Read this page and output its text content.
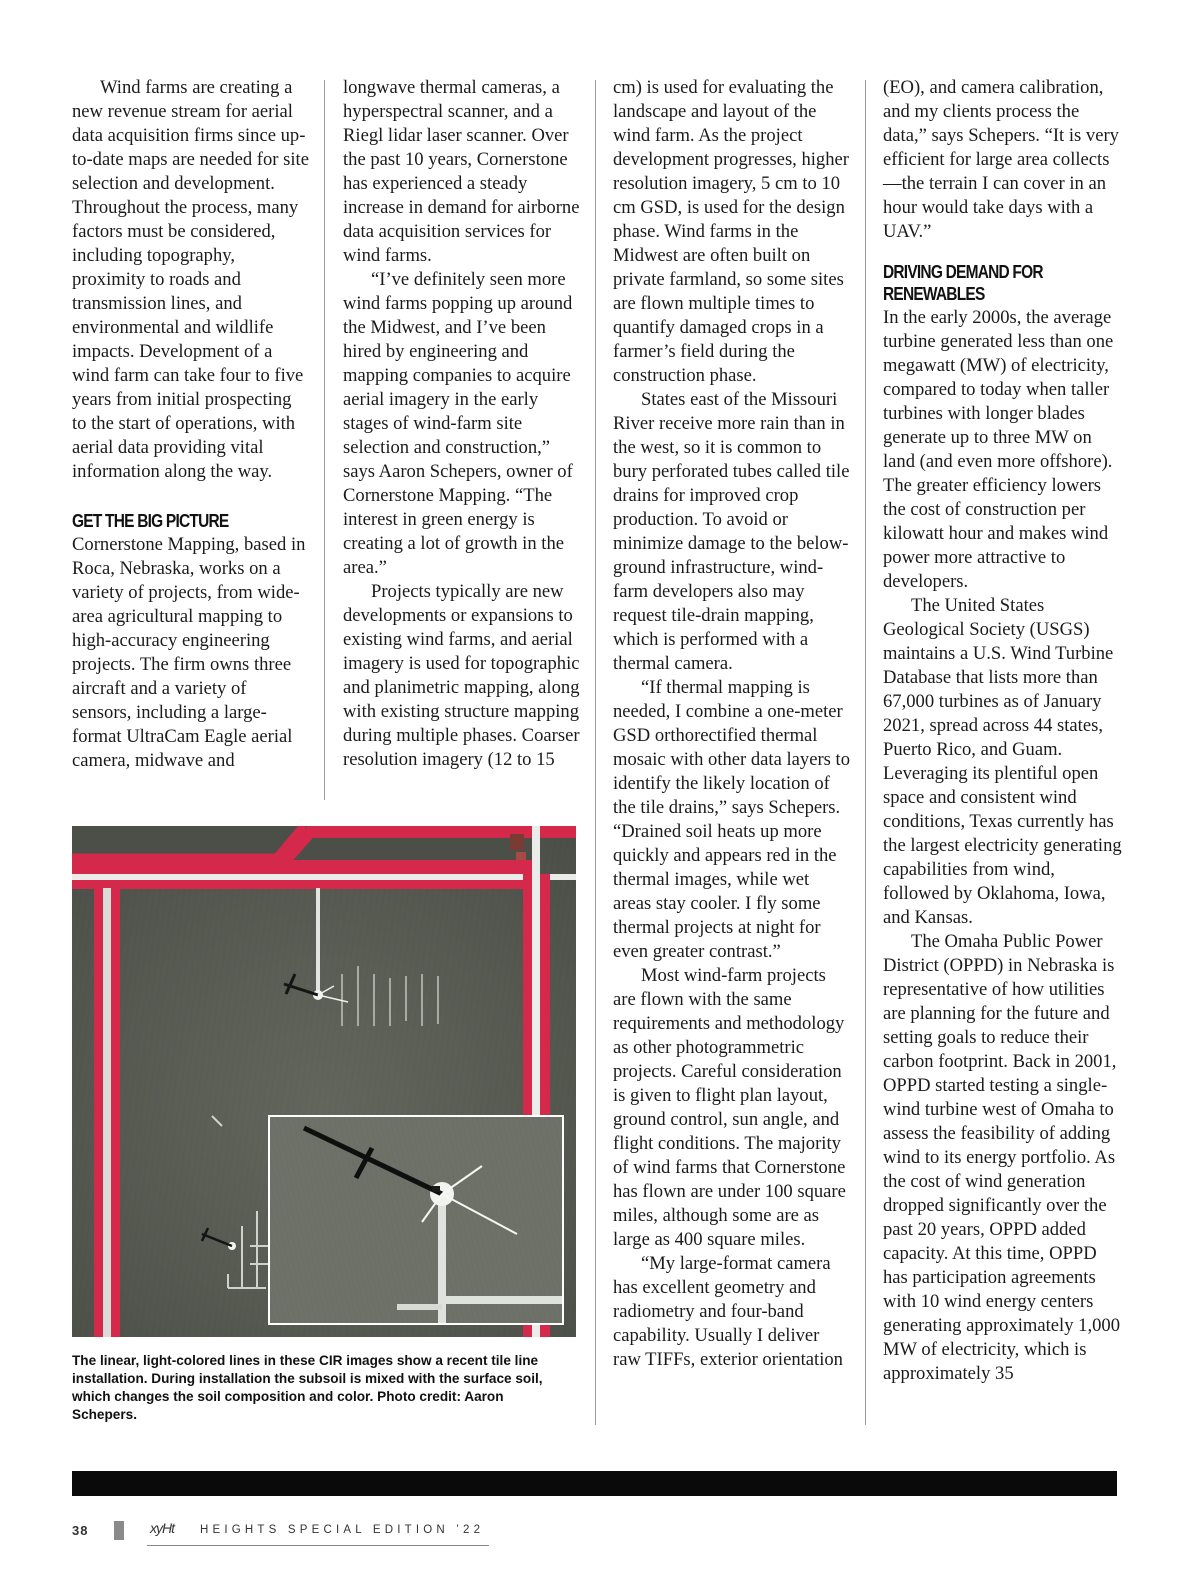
Wind farms are creating a new revenue stream for aerial data acquisition firms since up-to-date maps are needed for site selection and development. Throughout the process, many factors must be considered, including topography, proximity to roads and transmission lines, and environmental and wildlife impacts. Development of a wind farm can take four to five years from initial prospecting to the start of operations, with aerial data providing vital information along the way.

GET THE BIG PICTURE

Cornerstone Mapping, based in Roca, Nebraska, works on a variety of projects, from wide-area agricultural mapping to high-accuracy engineering projects. The firm owns three aircraft and a variety of sensors, including a large-format UltraCam Eagle aerial camera, midwave and

longwave thermal cameras, a hyperspectral scanner, and a Riegl lidar laser scanner. Over the past 10 years, Cornerstone has experienced a steady increase in demand for airborne data acquisition services for wind farms.

“I’ve definitely seen more wind farms popping up around the Midwest, and I’ve been hired by engineering and mapping companies to acquire aerial imagery in the early stages of wind-farm site selection and construction,” says Aaron Schepers, owner of Cornerstone Mapping. “The interest in green energy is creating a lot of growth in the area.”

Projects typically are new developments or expansions to existing wind farms, and aerial imagery is used for topographic and planimetric mapping, along with existing structure mapping during multiple phases. Coarser resolution imagery (12 to 15

cm) is used for evaluating the landscape and layout of the wind farm. As the project development progresses, higher resolution imagery, 5 cm to 10 cm GSD, is used for the design phase. Wind farms in the Midwest are often built on private farmland, so some sites are flown multiple times to quantify damaged crops in a farmer’s field during the construction phase.

States east of the Missouri River receive more rain than in the west, so it is common to bury perforated tubes called tile drains for improved crop production. To avoid or minimize damage to the below-ground infrastructure, wind-farm developers also may request tile-drain mapping, which is performed with a thermal camera.

“If thermal mapping is needed, I combine a one-meter GSD orthorectified thermal mosaic with other data layers to identify the likely location of the tile drains,” says Schepers. “Drained soil heats up more quickly and appears red in the thermal images, while wet areas stay cooler. I fly some thermal projects at night for even greater contrast.”

Most wind-farm projects are flown with the same requirements and methodology as other photogrammetric projects. Careful consideration is given to flight plan layout, ground control, sun angle, and flight conditions. The majority of wind farms that Cornerstone has flown are under 100 square miles, although some are as large as 400 square miles.

“My large-format camera has excellent geometry and radiometry and four-band capability. Usually I deliver raw TIFFs, exterior orientation

(EO), and camera calibration, and my clients process the data,” says Schepers. “It is very efficient for large area collects—the terrain I can cover in an hour would take days with a UAV.”

DRIVING DEMAND FOR RENEWABLES

In the early 2000s, the average turbine generated less than one megawatt (MW) of electricity, compared to today when taller turbines with longer blades generate up to three MW on land (and even more offshore). The greater efficiency lowers the cost of construction per kilowatt hour and makes wind power more attractive to developers.

The United States Geological Society (USGS) maintains a U.S. Wind Turbine Database that lists more than 67,000 turbines as of January 2021, spread across 44 states, Puerto Rico, and Guam. Leveraging its plentiful open space and consistent wind conditions, Texas currently has the largest electricity generating capabilities from wind, followed by Oklahoma, Iowa, and Kansas.

The Omaha Public Power District (OPPD) in Nebraska is representative of how utilities are planning for the future and setting goals to reduce their carbon footprint. Back in 2001, OPPD started testing a single-wind turbine west of Omaha to assess the feasibility of adding wind to its energy portfolio. As the cost of wind generation dropped significantly over the past 20 years, OPPD added capacity. At this time, OPPD has participation agreements with 10 wind energy centers generating approximately 1,000 MW of electricity, which is approximately 35

The linear, light-colored lines in these CIR images show a recent tile line installation. During installation the subsoil is mixed with the surface soil, which changes the soil composition and color. Photo credit: Aaron Schepers.
38	xyHt HEIGHTS SPECIAL EDITION ’22
